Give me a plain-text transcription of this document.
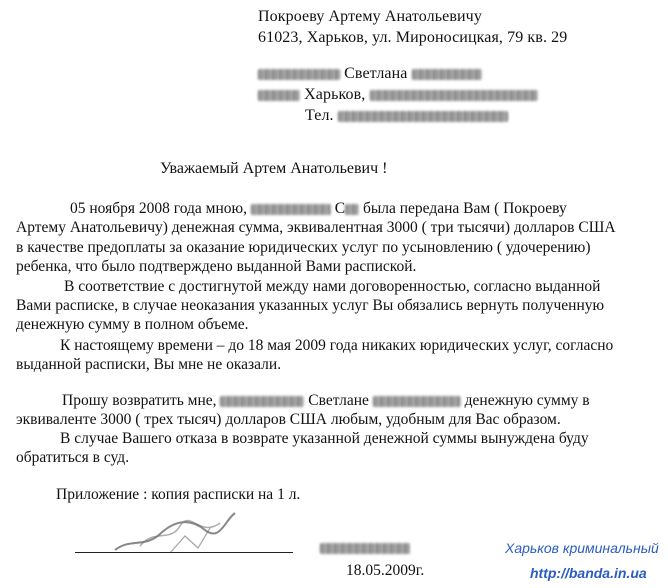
Покроеву Артему Анатольевичу
61023, Харьков, ул. Мироносицкая, 79 кв. 29
Светлана
Харьков,
Тел.
Уважаемый Артем Анатольевич !
05 ноября 2008 года мною,	С была передана Вам ( Покроеву
Артему Анатольевичу) денежная сумма, эквивалентная 3000 ( три тысячи) долларов США
в качестве предоплаты за оказание юридических услуг по усыновлению ( удочерению)
ребенка, что было подтверждено выданной Вами распиской.
В соответствие с достигнутой между нами договоренностью, согласно выданной
Вами расписке, в случае неоказания указанных услуг Вы обязались вернуть полученную
денежную сумму в полном объеме.
К настоящему времени – до 18 мая 2009 года никаких юридических услуг, согласно
выданной расписки, Вы мне не оказали.
Прошу возвратить мне,	Светлане	денежную сумму в
эквиваленте 3000 ( трех тысяч) долларов США любым, удобным для Вас образом.
В случае Вашего отказа в возврате указанной денежной суммы вынуждена буду
обратиться в суд.
Приложение : копия расписки на 1 л.
18.05.2009г.
Харьков криминальный
http://banda.in.ua
